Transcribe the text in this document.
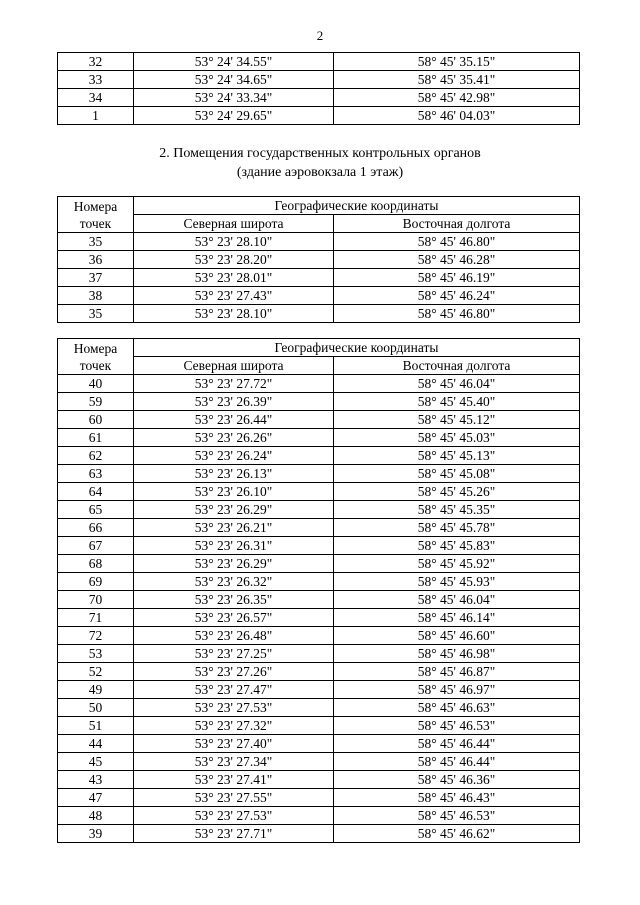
2
32	53° 24' 34.55"	58° 45' 35.15"
33	53° 24' 34.65"	58° 45' 35.41"
34	53° 24' 33.34"	58° 45' 42.98"
1	53° 24' 29.65"	58° 46' 04.03"
2. Помещения государственных контрольных органов
(здание аэровокзала 1 этаж)
Номера
точек	Географические координаты	
	Северная широта	Восточная долгота
35	53° 23' 28.10"	58° 45' 46.80"
36	53° 23' 28.20"	58° 45' 46.28"
37	53° 23' 28.01"	58° 45' 46.19"
38	53° 23' 27.43"	58° 45' 46.24"
35	53° 23' 28.10"	58° 45' 46.80"
Номера
точек	Географические координаты	
	Северная широта	Восточная долгота
40	53° 23' 27.72"	58° 45' 46.04"
59	53° 23' 26.39"	58° 45' 45.40"
60	53° 23' 26.44"	58° 45' 45.12"
61	53° 23' 26.26"	58° 45' 45.03"
62	53° 23' 26.24"	58° 45' 45.13"
63	53° 23' 26.13"	58° 45' 45.08"
64	53° 23' 26.10"	58° 45' 45.26"
65	53° 23' 26.29"	58° 45' 45.35"
66	53° 23' 26.21"	58° 45' 45.78"
67	53° 23' 26.31"	58° 45' 45.83"
68	53° 23' 26.29"	58° 45' 45.92"
69	53° 23' 26.32"	58° 45' 45.93"
70	53° 23' 26.35"	58° 45' 46.04"
71	53° 23' 26.57"	58° 45' 46.14"
72	53° 23' 26.48"	58° 45' 46.60"
53	53° 23' 27.25"	58° 45' 46.98"
52	53° 23' 27.26"	58° 45' 46.87"
49	53° 23' 27.47"	58° 45' 46.97"
50	53° 23' 27.53"	58° 45' 46.63"
51	53° 23' 27.32"	58° 45' 46.53"
44	53° 23' 27.40"	58° 45' 46.44"
45	53° 23' 27.34"	58° 45' 46.44"
43	53° 23' 27.41"	58° 45' 46.36"
47	53° 23' 27.55"	58° 45' 46.43"
48	53° 23' 27.53"	58° 45' 46.53"
39	53° 23' 27.71"	58° 45' 46.62"
